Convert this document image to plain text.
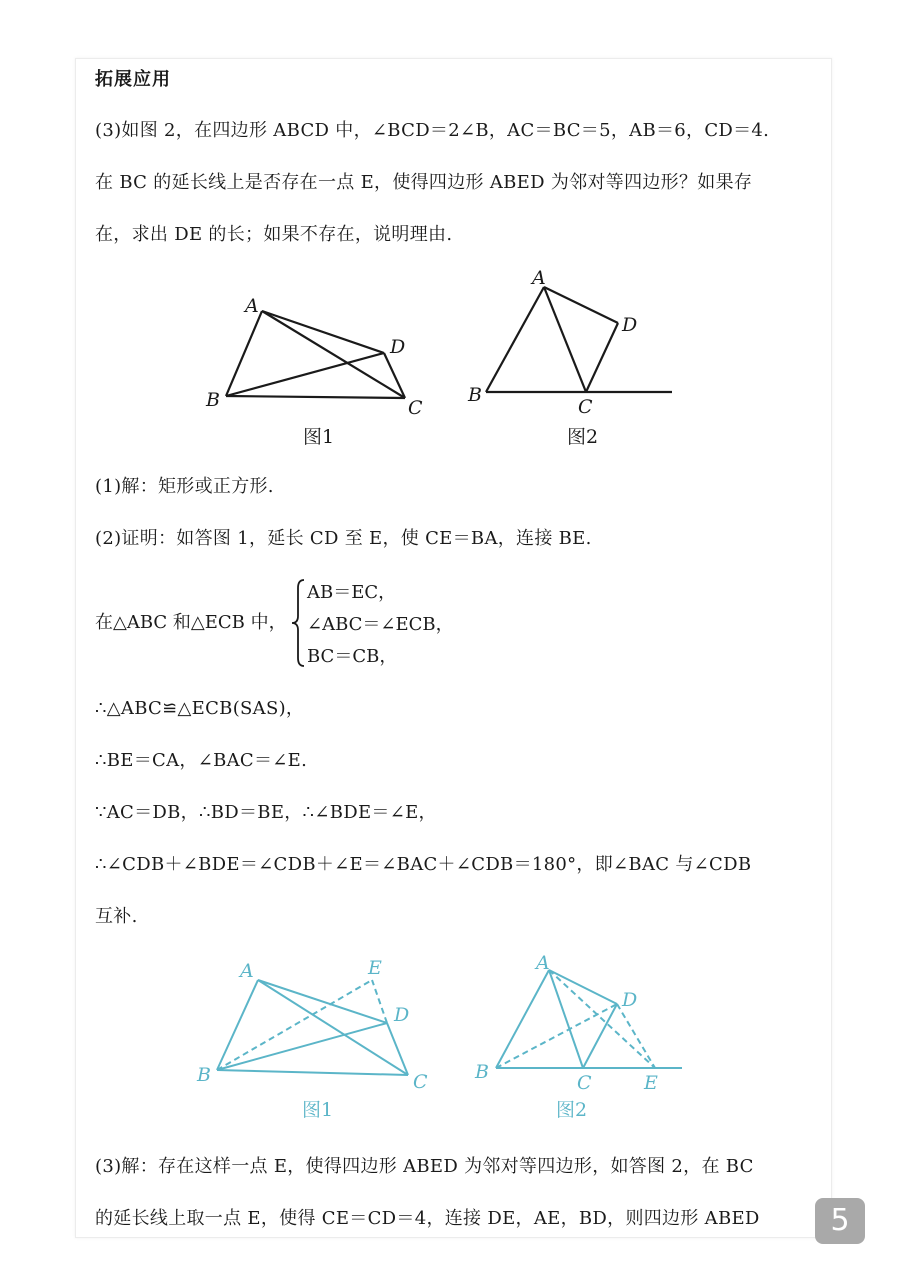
拓展应用
(3)如图 2，在四边形 ABCD 中，∠BCD＝2∠B，AC＝BC＝5，AB＝6，CD＝4.
在 BC 的延长线上是否存在一点 E，使得四边形 ABED 为邻对等四边形？如果存
在，求出 DE 的长；如果不存在，说明理由.
A
B	C
D
图1
A
B
C
D
图2
(1)解：矩形或正方形.
(2)证明：如答图 1，延长 CD 至 E，使 CE＝BA，连接 BE.
在△ABC 和△ECB 中，
AB＝EC，
∠ABC＝∠ECB，
BC＝CB，
∴△ABC≌△ECB(SAS)，
∴BE＝CA，∠BAC＝∠E.
∵AC＝DB，∴BD＝BE，∴∠BDE＝∠E，
∴∠CDB＋∠BDE＝∠CDB＋∠E＝∠BAC＋∠CDB＝180°，即∠BAC 与∠CDB
互补.
A
B	C
D
E
图1
A
B	C
D
E
图2
(3)解：存在这样一点 E，使得四边形 ABED 为邻对等四边形，如答图 2，在 BC
的延长线上取一点 E，使得 CE＝CD＝4，连接 DE，AE，BD，则四边形 ABED	5
